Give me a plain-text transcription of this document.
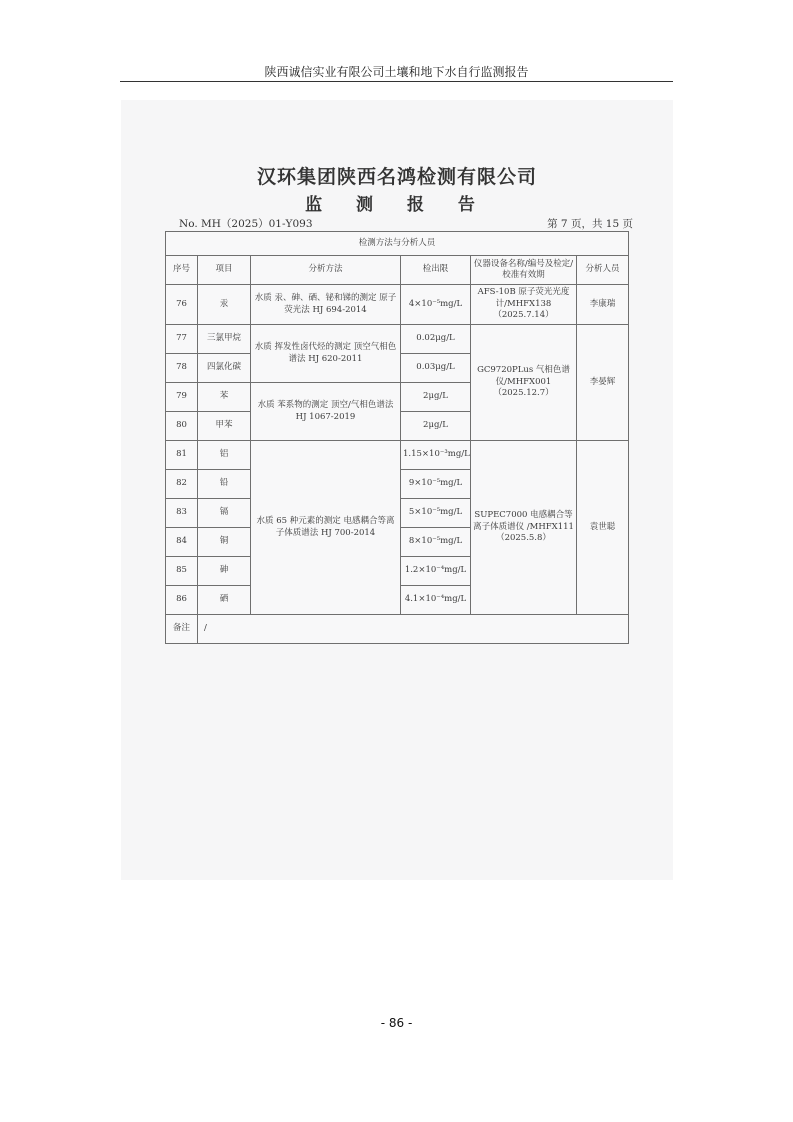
陕西诚信实业有限公司土壤和地下水自行监测报告
汉环集团陕西名鸿检测有限公司
监 测 报 告
No. MH（2025）01-Y093	第 7 页，共 15 页
检测方法与分析人员					
序号	项目	分析方法	检出限	仪器设备名称/编号及检定/校准有效期	分析人员
76	汞	水质 汞、砷、硒、铋和锑的测定 原子荧光法 HJ 694-2014	4×10⁻⁵mg/L	AFS-10B 原子荧光光度计/MHFX138 （2025.7.14）	李康瑞
77	三氯甲烷	水质 挥发性卤代烃的测定 顶空气相色谱法 HJ 620-2011	0.02μg/L	GC9720PLus 气相色谱仪/MHFX001 （2025.12.7）	李晏辉
78	四氯化碳		0.03μg/L		
79	苯	水质 苯系物的测定 顶空/气相色谱法 HJ 1067-2019	2μg/L		
80	甲苯		2μg/L		
81	铝	水质 65 种元素的测定 电感耦合等离子体质谱法 HJ 700-2014	1.15×10⁻³mg/L	SUPEC7000 电感耦合等离子体质谱仪 /MHFX111（2025.5.8）	袁世聪
82	铅		9×10⁻⁵mg/L		
83	镉		5×10⁻⁵mg/L		
84	铜		8×10⁻⁵mg/L		
85	砷		1.2×10⁻⁴mg/L		
86	硒		4.1×10⁻⁴mg/L		
备注	/				
- 86 -
